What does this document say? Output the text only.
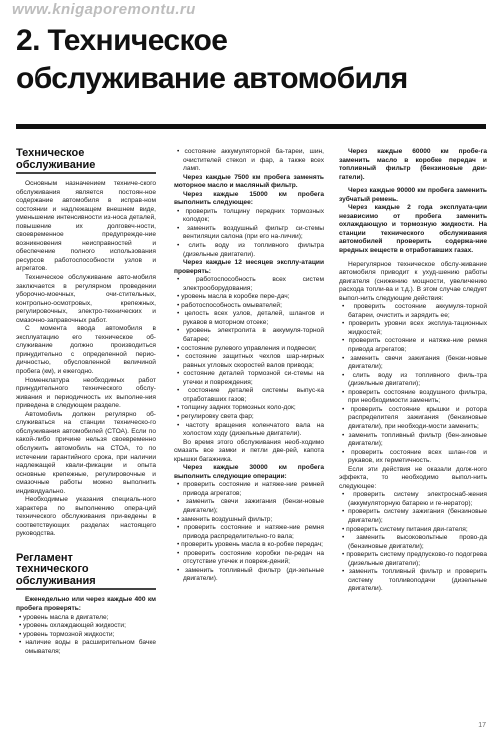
www.knigaporemontu.ru
2. Техническое
обслуживание автомобиля
Техническое
обслуживание

Основным назначением техниче-ского обслуживания является постоян-ное содержание автомобиля в исправ-ном состоянии и надлежащем внешнем виде, уменьшение интенсивности из-носа деталей, повышение их долговеч-ности, своевременное предупрежде-ние возникновения неисправностей и обеспечение полного использования ресурсов работоспособности узлов и агрегатов.

Техническое обслуживание авто-мобиля заключается в регулярном проведении уборочно-моечных, очи-стительных, контрольно-осмотровых, крепежных, регулировочных, электро-технических и смазочно-заправочных работ.

С момента ввода автомобиля в эксплуатацию его техническое об-служивание должно производиться принудительно с определенной перио-дичностью, обусловленной величиной пробега (км), и ежегодно.

Номенклатура необходимых работ принудительного технического обслу-живания и периодичность их выполне-ния приведена в следующем разделе.

Автомобиль должен регулярно об-служиваться на станции техническо-го обслуживания автомобилей (СТОА). Если по какой-либо причине нельзя своевременно обслужить автомобиль на СТОА, то по истечении гарантийного срока, при наличии надлежащей квали-фикации и опыта основные крепежные, регулировочные и смазочные работы можно выполнить индивидуально.

Необходимые указания специаль-ного характера по выполнению опера-ций технического обслуживания при-ведены в соответствующих разделах настоящего руководства.

Регламент
технического
обслуживания

Еженедельно или через каждые 400 км пробега проверять:

• уровень масла в двигателе;
• уровень охлаждающей жидкости;
• уровень тормозной жидкости;
• наличие воды в расширительном бачке омывателя;
• состояние аккумуляторной ба-тареи, шин, очистителей стекол и фар, а также всех ламп.

Через каждые 7500 км пробега заменять моторное масло и масляный фильтр.

Через каждые 15000 км пробега выполнить следующее:

• проверить толщину передних тормозных колодок;
• заменить воздушный фильтр си-стемы вентиляции салона (при его на-личии);
• слить воду из топливного фильтра (дизельные двигатели).

Через каждые 12 месяцев эксплу-атации проверять:

• работоспособность всех систем электрооборудования;
• уровень масла в коробке пере-дач;
• работоспособность омывателей;
• целость всех узлов, деталей, шлангов и рукавов в моторном отсеке;
• уровень электролита в аккумуля-торной батарее;
• состояние рулевого управления и подвески;
• состояние защитных чехлов шар-нирных равных угловых скоростей валов привода;
• состояние деталей тормозной си-стемы на утечки и повреждения;
• состояние деталей системы выпус-ка отработавших газов;
• толщину задних тормозных коло-док;
• регулировку света фар;
• частоту вращения коленчатого вала на холостом ходу (дизельные двигатели).

Во время этого обслуживания необ-ходимо смазать все замки и петли две-рей, капота крышки багажника.

Через каждые 30000 км пробега выполнить следующие операции:

• проверить состояние и натяже-ние ремней привода агрегатов;
• заменить свечи зажигания (бензи-новые двигатели);
• заменить воздушный фильтр;
• проверить состояние и натяже-ние ремня привода распределительно-го вала;
• проверить уровень масла в ко-робке передач;
• проверить состояние коробки пе-редач на отсутствие утечек и повреж-дений;
• заменить топливный фильтр (ди-зельные двигатели).

Через каждые 60000 км пробе-га заменить масло в коробке передач и топливный фильтр (бензиновые дви-гатели).

Через каждые 90000 км пробега заменить зубчатый ремень.

Через каждые 2 года эксплуата-ции независимо от пробега заменить охлаждающую и тормозную жидкости. На станции технического обслуживания автомобилей проверить содержа-ние вредных веществ в отработавших газах.

Нерегулярное техническое обслу-живание автомобиля приводит к ухуд-шению работы двигателя (снижению мощности, увеличению расхода топли-ва и т.д.). В этом случае следует выпол-нить следующие действия:

• проверить состояние аккумуля-торной батареи, очистить и зарядить ее;
• проверить уровни всех эксплуа-тационных жидкостей;
• проверить состояние и натяже-ние ремня привода агрегатов;
• заменить свечи зажигания (бензи-новые двигатели);
• слить воду из топливного филь-тра (дизельные двигатели);
• проверить состояние воздушного фильтра, при необходимости заменить;
• проверить состояние крышки и ротора распределителя зажигания (бензиновые двигатели), при необходи-мости заменить;
• заменить топливный фильтр (бен-зиновые двигатели);
• проверить состояние всех шлан-гов и рукавов, их герметичность.

Если эти действия не оказали долж-ного эффекта, то необходимо выпол-нить следующее:

• проверить систему электроснаб-жения (аккумуляторную батарею и ге-нератор);
• проверить систему зажигания (бензиновые двигатели);
• проверить систему питания дви-гателя;
• заменить высоковольтные прово-да (бензиновые двигатели);
• проверить систему предпусково-го подогрева (дизельные двигатели);
• заменить топливный фильтр и проверить систему топливоподачи (дизельные двигатели).
17
